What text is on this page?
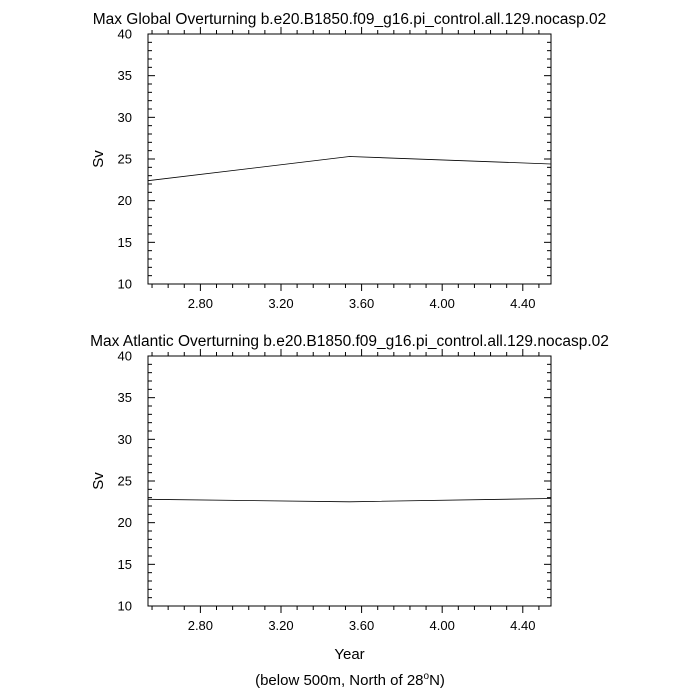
Max Global Overturning b.e20.B1850.f09_g16.pi_control.all.129.nocasp.02
10
15
20
25
30
35
40
2.80	3.20	3.60	4.00	4.40
Sv
Max Atlantic Overturning b.e20.B1850.f09_g16.pi_control.all.129.nocasp.02
10
15
20
25
30
35
40
2.80	3.20	3.60	4.00	4.40
Sv
Year
(below 500m, North of 28$^o$N)
